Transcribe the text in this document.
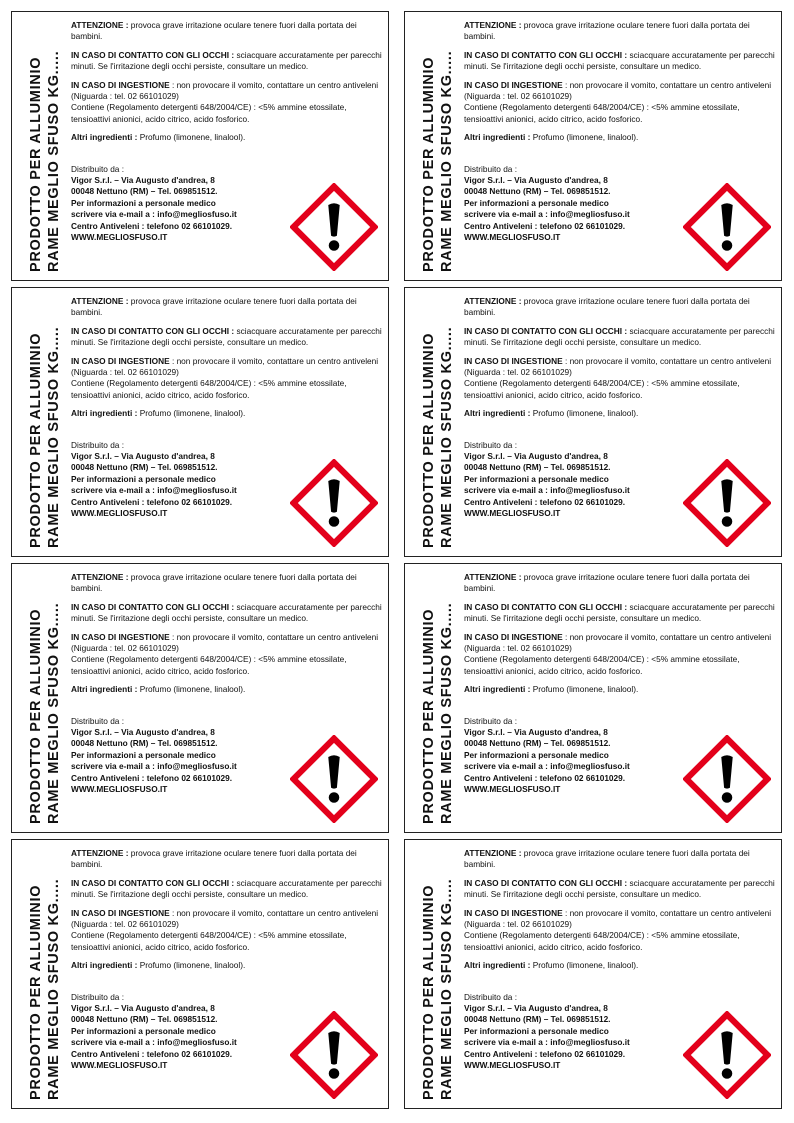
PRODOTTO PER ALLUMINIO RAME MEGLIO SFUSO KG.....

ATTENZIONE : provoca grave irritazione oculare tenere fuori dalla portata dei bambini.

IN CASO DI CONTATTO CON GLI OCCHI : sciacquare accuratamente per parecchi minuti. Se l'irritazione degli occhi persiste, consultare un medico.

IN CASO DI INGESTIONE : non provocare il vomito, contattare un centro antiveleni (Niguarda : tel. 02 66101029)

Contiene (Regolamento detergenti 648/2004/CE) : <5% ammine etossilate, tensioattivi anionici, acido citrico, acido fosforico.

Altri ingredienti : Profumo (limonene, linalool).

Distribuito da :
Vigor S.r.l. – Via Augusto d'andrea, 8
00048 Nettuno (RM) – Tel. 069851512.
Per informazioni a personale medico
scrivere via e-mail a : info@megliosfuso.it
Centro Antiveleni : telefono 02 66101029.
WWW.MEGLIOSFUSO.IT	PRODOTTO PER ALLUMINIO RAME MEGLIO SFUSO KG.....

ATTENZIONE : provoca grave irritazione oculare tenere fuori dalla portata dei bambini.

IN CASO DI CONTATTO CON GLI OCCHI : sciacquare accuratamente per parecchi minuti. Se l'irritazione degli occhi persiste, consultare un medico.

IN CASO DI INGESTIONE : non provocare il vomito, contattare un centro antiveleni (Niguarda : tel. 02 66101029)

Contiene (Regolamento detergenti 648/2004/CE) : <5% ammine etossilate, tensioattivi anionici, acido citrico, acido fosforico.

Altri ingredienti : Profumo (limonene, linalool).

Distribuito da :
Vigor S.r.l. – Via Augusto d'andrea, 8
00048 Nettuno (RM) – Tel. 069851512.
Per informazioni a personale medico
scrivere via e-mail a : info@megliosfuso.it
Centro Antiveleni : telefono 02 66101029.
WWW.MEGLIOSFUSO.IT
PRODOTTO PER ALLUMINIO RAME MEGLIO SFUSO KG.....

ATTENZIONE : provoca grave irritazione oculare tenere fuori dalla portata dei bambini.

IN CASO DI CONTATTO CON GLI OCCHI : sciacquare accuratamente per parecchi minuti. Se l'irritazione degli occhi persiste, consultare un medico.

IN CASO DI INGESTIONE : non provocare il vomito, contattare un centro antiveleni (Niguarda : tel. 02 66101029)

Contiene (Regolamento detergenti 648/2004/CE) : <5% ammine etossilate, tensioattivi anionici, acido citrico, acido fosforico.

Altri ingredienti : Profumo (limonene, linalool).

Distribuito da :
Vigor S.r.l. – Via Augusto d'andrea, 8
00048 Nettuno (RM) – Tel. 069851512.
Per informazioni a personale medico
scrivere via e-mail a : info@megliosfuso.it
Centro Antiveleni : telefono 02 66101029.
WWW.MEGLIOSFUSO.IT	PRODOTTO PER ALLUMINIO RAME MEGLIO SFUSO KG.....

ATTENZIONE : provoca grave irritazione oculare tenere fuori dalla portata dei bambini.

IN CASO DI CONTATTO CON GLI OCCHI : sciacquare accuratamente per parecchi minuti. Se l'irritazione degli occhi persiste, consultare un medico.

IN CASO DI INGESTIONE : non provocare il vomito, contattare un centro antiveleni (Niguarda : tel. 02 66101029)

Contiene (Regolamento detergenti 648/2004/CE) : <5% ammine etossilate, tensioattivi anionici, acido citrico, acido fosforico.

Altri ingredienti : Profumo (limonene, linalool).

Distribuito da :
Vigor S.r.l. – Via Augusto d'andrea, 8
00048 Nettuno (RM) – Tel. 069851512.
Per informazioni a personale medico
scrivere via e-mail a : info@megliosfuso.it
Centro Antiveleni : telefono 02 66101029.
WWW.MEGLIOSFUSO.IT
PRODOTTO PER ALLUMINIO RAME MEGLIO SFUSO KG.....

ATTENZIONE : provoca grave irritazione oculare tenere fuori dalla portata dei bambini.

IN CASO DI CONTATTO CON GLI OCCHI : sciacquare accuratamente per parecchi minuti. Se l'irritazione degli occhi persiste, consultare un medico.

IN CASO DI INGESTIONE : non provocare il vomito, contattare un centro antiveleni (Niguarda : tel. 02 66101029)

Contiene (Regolamento detergenti 648/2004/CE) : <5% ammine etossilate, tensioattivi anionici, acido citrico, acido fosforico.

Altri ingredienti : Profumo (limonene, linalool).

Distribuito da :
Vigor S.r.l. – Via Augusto d'andrea, 8
00048 Nettuno (RM) – Tel. 069851512.
Per informazioni a personale medico
scrivere via e-mail a : info@megliosfuso.it
Centro Antiveleni : telefono 02 66101029.
WWW.MEGLIOSFUSO.IT	PRODOTTO PER ALLUMINIO RAME MEGLIO SFUSO KG.....

ATTENZIONE : provoca grave irritazione oculare tenere fuori dalla portata dei bambini.

IN CASO DI CONTATTO CON GLI OCCHI : sciacquare accuratamente per parecchi minuti. Se l'irritazione degli occhi persiste, consultare un medico.

IN CASO DI INGESTIONE : non provocare il vomito, contattare un centro antiveleni (Niguarda : tel. 02 66101029)

Contiene (Regolamento detergenti 648/2004/CE) : <5% ammine etossilate, tensioattivi anionici, acido citrico, acido fosforico.

Altri ingredienti : Profumo (limonene, linalool).

Distribuito da :
Vigor S.r.l. – Via Augusto d'andrea, 8
00048 Nettuno (RM) – Tel. 069851512.
Per informazioni a personale medico
scrivere via e-mail a : info@megliosfuso.it
Centro Antiveleni : telefono 02 66101029.
WWW.MEGLIOSFUSO.IT
PRODOTTO PER ALLUMINIO RAME MEGLIO SFUSO KG.....

ATTENZIONE : provoca grave irritazione oculare tenere fuori dalla portata dei bambini.

IN CASO DI CONTATTO CON GLI OCCHI : sciacquare accuratamente per parecchi minuti. Se l'irritazione degli occhi persiste, consultare un medico.

IN CASO DI INGESTIONE : non provocare il vomito, contattare un centro antiveleni (Niguarda : tel. 02 66101029)

Contiene (Regolamento detergenti 648/2004/CE) : <5% ammine etossilate, tensioattivi anionici, acido citrico, acido fosforico.

Altri ingredienti : Profumo (limonene, linalool).

Distribuito da :
Vigor S.r.l. – Via Augusto d'andrea, 8
00048 Nettuno (RM) – Tel. 069851512.
Per informazioni a personale medico
scrivere via e-mail a : info@megliosfuso.it
Centro Antiveleni : telefono 02 66101029.
WWW.MEGLIOSFUSO.IT	PRODOTTO PER ALLUMINIO RAME MEGLIO SFUSO KG.....

ATTENZIONE : provoca grave irritazione oculare tenere fuori dalla portata dei bambini.

IN CASO DI CONTATTO CON GLI OCCHI : sciacquare accuratamente per parecchi minuti. Se l'irritazione degli occhi persiste, consultare un medico.

IN CASO DI INGESTIONE : non provocare il vomito, contattare un centro antiveleni (Niguarda : tel. 02 66101029)

Contiene (Regolamento detergenti 648/2004/CE) : <5% ammine etossilate, tensioattivi anionici, acido citrico, acido fosforico.

Altri ingredienti : Profumo (limonene, linalool).

Distribuito da :
Vigor S.r.l. – Via Augusto d'andrea, 8
00048 Nettuno (RM) – Tel. 069851512.
Per informazioni a personale medico
scrivere via e-mail a : info@megliosfuso.it
Centro Antiveleni : telefono 02 66101029.
WWW.MEGLIOSFUSO.IT
